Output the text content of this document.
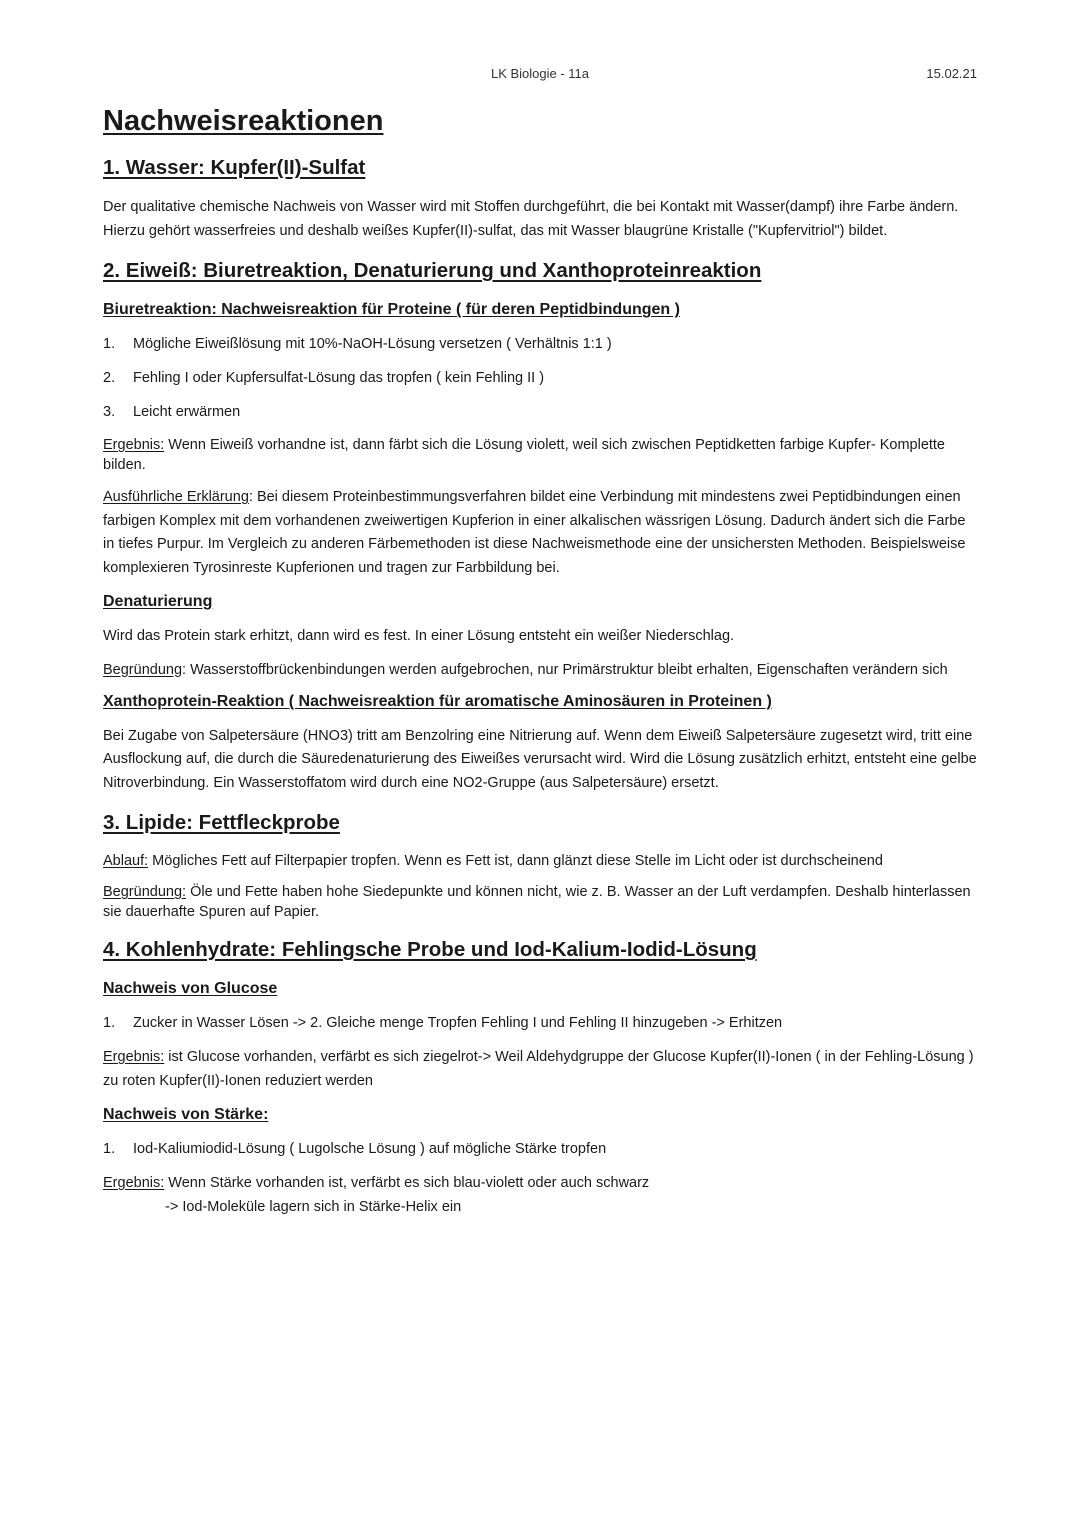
LK Biologie - 11a	15.02.21
Nachweisreaktionen
1. Wasser: Kupfer(II)-Sulfat

Der qualitative chemische Nachweis von Wasser wird mit Stoffen durchgeführt, die bei Kontakt mit Wasser(dampf) ihre Farbe ändern. Hierzu gehört wasserfreies und deshalb weißes Kupfer(II)-sulfat, das mit Wasser blaugrüne Kristalle ("Kupfervitriol") bildet.

2. Eiweiß: Biuretreaktion, Denaturierung und Xanthoproteinreaktion
Biuretreaktion: Nachweisreaktion für Proteine ( für deren Peptidbindungen )
1.	Mögliche Eiweißlösung mit 10%-NaOH-Lösung versetzen ( Verhältnis 1:1 )
2.	Fehling I oder Kupfersulfat-Lösung das tropfen ( kein Fehling II )
3.	Leicht erwärmen

Ergebnis: Wenn Eiweiß vorhandne ist, dann färbt sich die Lösung violett, weil sich zwischen Peptidketten farbige Kupfer- Komplette bilden.

Ausführliche Erklärung: Bei diesem Proteinbestimmungsverfahren bildet eine Verbindung mit mindestens zwei Peptidbindungen einen farbigen Komplex mit dem vorhandenen zweiwertigen Kupferion in einer alkalischen wässrigen Lösung. Dadurch ändert sich die Farbe in tiefes Purpur. Im Vergleich zu anderen Färbemethoden ist diese Nachweismethode eine der unsichersten Methoden. Beispielsweise komplexieren Tyrosinreste Kupferionen und tragen zur Farbbildung bei.

Denaturierung

Wird das Protein stark erhitzt, dann wird es fest. In einer Lösung entsteht ein weißer Niederschlag.

Begründung: Wasserstoffbrückenbindungen werden aufgebrochen, nur Primärstruktur bleibt erhalten, Eigenschaften verändern sich

Xanthoprotein-Reaktion ( Nachweisreaktion für aromatische Aminosäuren in Proteinen )

Bei Zugabe von Salpetersäure (HNO3) tritt am Benzolring eine Nitrierung auf. Wenn dem Eiweiß Salpetersäure zugesetzt wird, tritt eine Ausflockung auf, die durch die Säuredenaturierung des Eiweißes verursacht wird. Wird die Lösung zusätzlich erhitzt, entsteht eine gelbe Nitroverbindung. Ein Wasserstoffatom wird durch eine NO2-Gruppe (aus Salpetersäure) ersetzt.

3. Lipide: Fettfleckprobe

Ablauf: Mögliches Fett auf Filterpapier tropfen. Wenn es Fett ist, dann glänzt diese Stelle im Licht oder ist durchscheinend

Begründung: Öle und Fette haben hohe Siedepunkte und können nicht, wie z. B. Wasser an der Luft verdampfen. Deshalb hinterlassen sie dauerhafte Spuren auf Papier.

4. Kohlenhydrate: Fehlingsche Probe und Iod-Kalium-Iodid-Lösung
Nachweis von Glucose
1.	Zucker in Wasser Lösen -> 2. Gleiche menge Tropfen Fehling I und Fehling II hinzugeben -> Erhitzen

Ergebnis: ist Glucose vorhanden, verfärbt es sich ziegelrot-> Weil Aldehydgruppe der Glucose Kupfer(II)-Ionen ( in der Fehling-Lösung ) zu roten Kupfer(II)-Ionen reduziert werden

Nachweis von Stärke:
1.	Iod-Kaliumiodid-Lösung ( Lugolsche Lösung ) auf mögliche Stärke tropfen

Ergebnis: Wenn Stärke vorhanden ist, verfärbt es sich blau-violett oder auch schwarz

-> Iod-Moleküle lagern sich in Stärke-Helix ein
